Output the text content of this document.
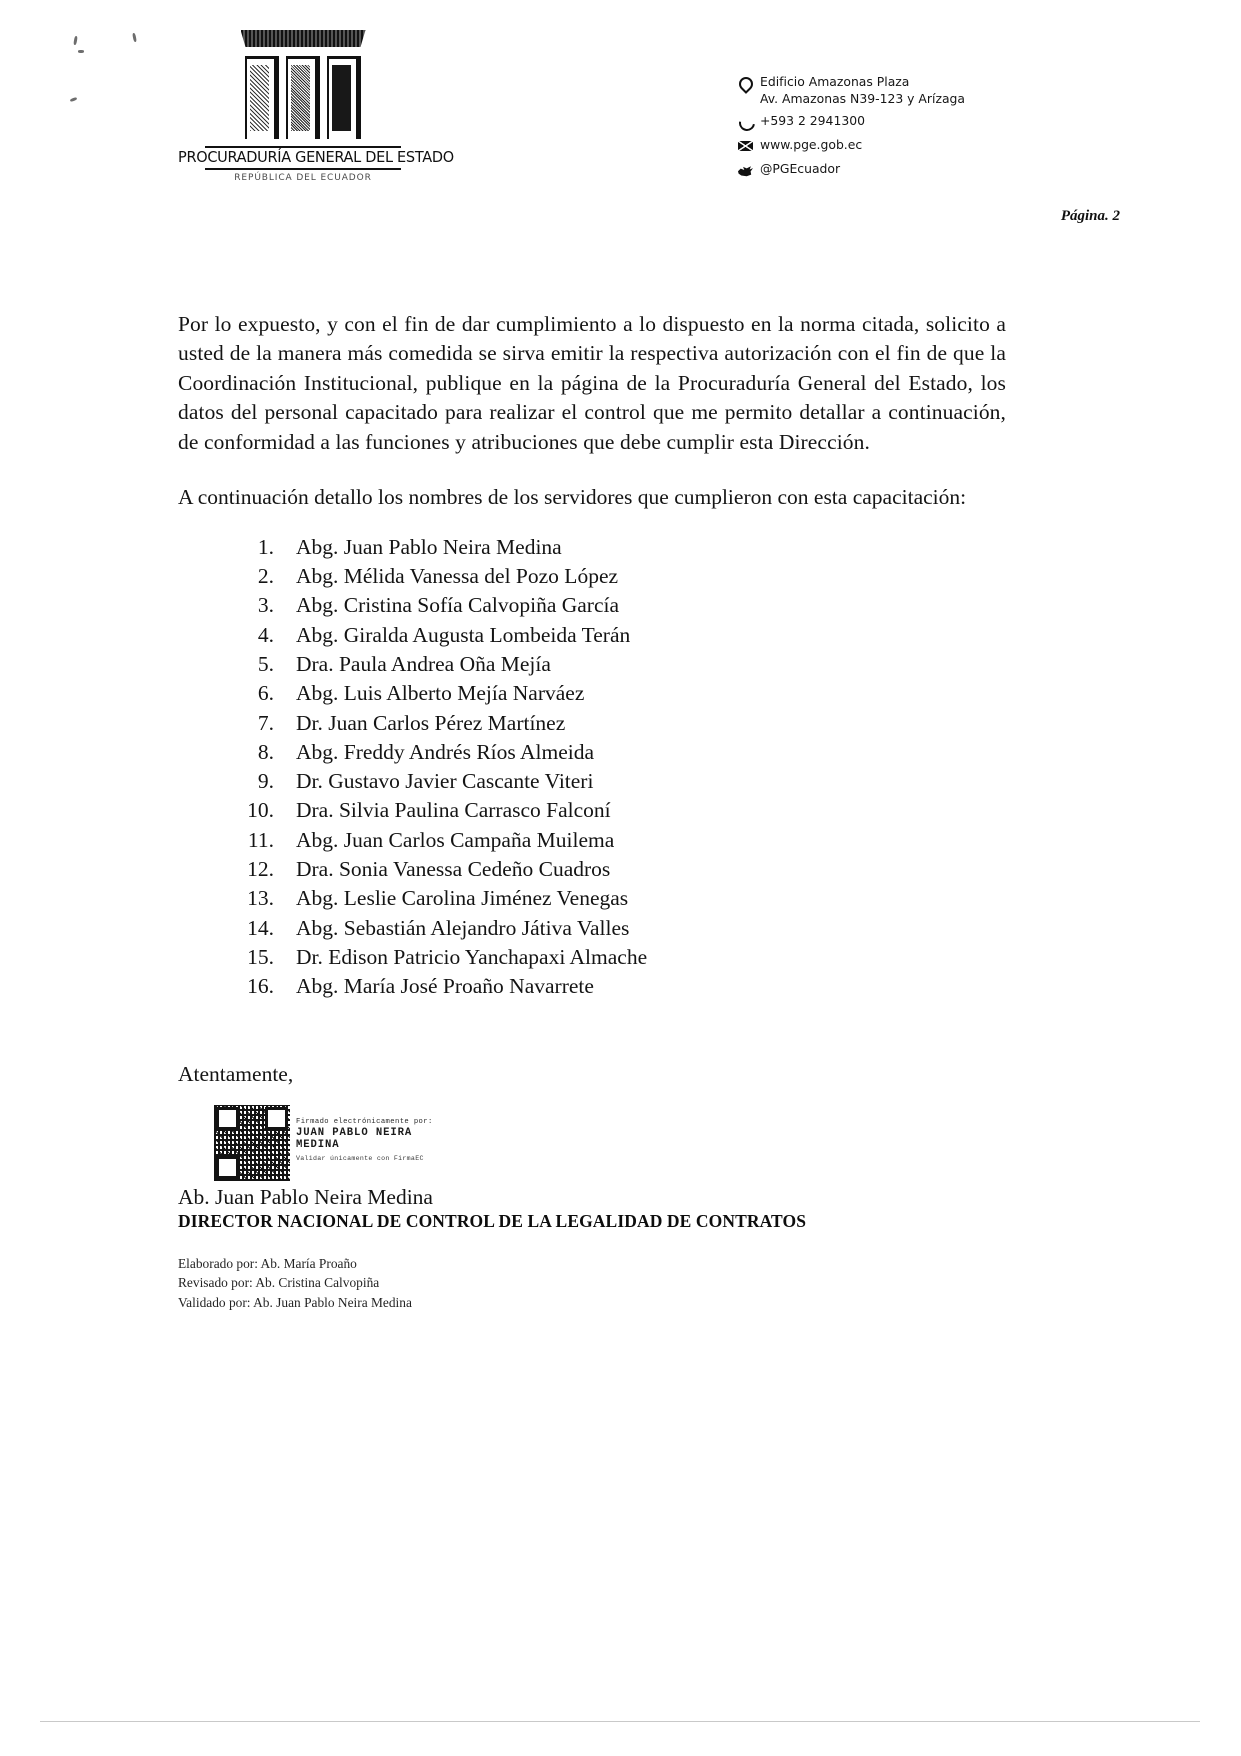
PROCURADURÍA GENERAL DEL ESTADO
REPÚBLICA DEL ECUADOR
Edificio Amazonas Plaza
Av. Amazonas N39-123 y Arízaga
+593 2 2941300
www.pge.gob.ec
@PGEcuador
Página. 2

Por lo expuesto, y con el fin de dar cumplimiento a lo dispuesto en la norma citada, solicito a usted de la manera más comedida se sirva emitir la respectiva autorización con el fin de que la Coordinación Institucional, publique en la página de la Procuraduría General del Estado, los datos del personal capacitado para realizar el control que me permito detallar a continuación, de conformidad a las funciones y atribuciones que debe cumplir esta Dirección.

A continuación detallo los nombres de los servidores que cumplieron con esta capacitación:

Abg. Juan Pablo Neira Medina
Abg. Mélida Vanessa del Pozo López
Abg. Cristina Sofía Calvopiña García
Abg. Giralda Augusta Lombeida Terán
Dra. Paula Andrea Oña Mejía
Abg. Luis Alberto Mejía Narváez
Dr. Juan Carlos Pérez Martínez
Abg. Freddy Andrés Ríos Almeida
Dr. Gustavo Javier Cascante Viteri
Dra. Silvia Paulina Carrasco Falconí
Abg. Juan Carlos Campaña Muilema
Dra. Sonia Vanessa Cedeño Cuadros
Abg. Leslie Carolina Jiménez Venegas
Abg. Sebastián Alejandro Játiva Valles
Dr. Edison Patricio Yanchapaxi Almache
Abg. María José Proaño Navarrete
Atentamente,
Firmado electrónicamente por:
JUAN PABLO NEIRA
MEDINA
Validar únicamente con FirmaEC
Ab. Juan Pablo Neira Medina
DIRECTOR NACIONAL DE CONTROL DE LA LEGALIDAD DE CONTRATOS
Elaborado por: Ab. María Proaño
Revisado por: Ab. Cristina Calvopiña
Validado por: Ab. Juan Pablo Neira Medina
